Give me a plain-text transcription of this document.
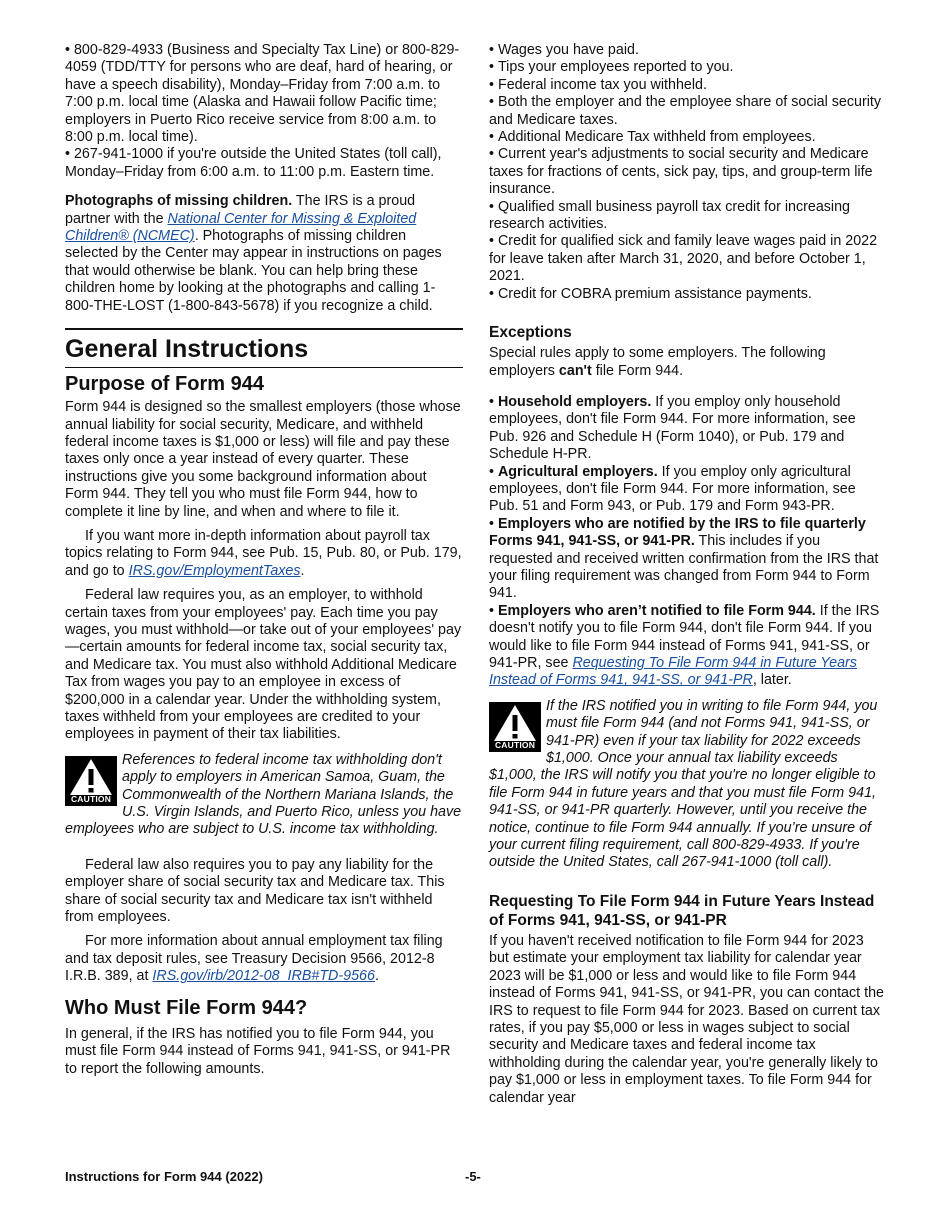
• 800-829-4933 (Business and Specialty Tax Line) or 800-829-4059 (TDD/TTY for persons who are deaf, hard of hearing, or have a speech disability), Monday–Friday from 7:00 a.m. to 7:00 p.m. local time (Alaska and Hawaii follow Pacific time; employers in Puerto Rico receive service from 8:00 a.m. to 8:00 p.m. local time).

• 267-941-1000 if you're outside the United States (toll call), Monday–Friday from 6:00 a.m. to 11:00 p.m. Eastern time.

Photographs of missing children. The IRS is a proud partner with the National Center for Missing & Exploited Children® (NCMEC). Photographs of missing children selected by the Center may appear in instructions on pages that would otherwise be blank. You can help bring these children home by looking at the photographs and calling 1-800-THE-LOST (1-800-843-5678) if you recognize a child.

General Instructions
Purpose of Form 944

Form 944 is designed so the smallest employers (those whose annual liability for social security, Medicare, and withheld federal income taxes is $1,000 or less) will file and pay these taxes only once a year instead of every quarter. These instructions give you some background information about Form 944. They tell you who must file Form 944, how to complete it line by line, and when and where to file it.

If you want more in-depth information about payroll tax topics relating to Form 944, see Pub. 15, Pub. 80, or Pub. 179, and go to IRS.gov/EmploymentTaxes.

Federal law requires you, as an employer, to withhold certain taxes from your employees' pay. Each time you pay wages, you must withhold—or take out of your employees' pay—certain amounts for federal income tax, social security tax, and Medicare tax. You must also withhold Additional Medicare Tax from wages you pay to an employee in excess of $200,000 in a calendar year. Under the withholding system, taxes withheld from your employees are credited to your employees in payment of their tax liabilities.

CAUTION
References to federal income tax withholding don't apply to employers in American Samoa, Guam, the Commonwealth of the Northern Mariana Islands, the U.S. Virgin Islands, and Puerto Rico, unless you have employees who are subject to U.S. income tax withholding.

Federal law also requires you to pay any liability for the employer share of social security tax and Medicare tax. This share of social security tax and Medicare tax isn't withheld from employees.

For more information about annual employment tax filing and tax deposit rules, see Treasury Decision 9566, 2012-8 I.R.B. 389, at IRS.gov/irb/2012-08_IRB#TD-9566.

Who Must File Form 944?

In general, if the IRS has notified you to file Form 944, you must file Form 944 instead of Forms 941, 941-SS, or 941-PR to report the following amounts.

• Wages you have paid.

• Tips your employees reported to you.

• Federal income tax you withheld.

• Both the employer and the employee share of social security and Medicare taxes.

• Additional Medicare Tax withheld from employees.

• Current year's adjustments to social security and Medicare taxes for fractions of cents, sick pay, tips, and group-term life insurance.

• Qualified small business payroll tax credit for increasing research activities.

• Credit for qualified sick and family leave wages paid in 2022 for leave taken after March 31, 2020, and before October 1, 2021.

• Credit for COBRA premium assistance payments.

Exceptions

Special rules apply to some employers. The following employers can't file Form 944.

• Household employers. If you employ only household employees, don't file Form 944. For more information, see Pub. 926 and Schedule H (Form 1040), or Pub. 179 and Schedule H-PR.

• Agricultural employers. If you employ only agricultural employees, don't file Form 944. For more information, see Pub. 51 and Form 943, or Pub. 179 and Form 943-PR.

• Employers who are notified by the IRS to file quarterly Forms 941, 941-SS, or 941-PR. This includes if you requested and received written confirmation from the IRS that your filing requirement was changed from Form 944 to Form 941.

• Employers who aren’t notified to file Form 944. If the IRS doesn't notify you to file Form 944, don't file Form 944. If you would like to file Form 944 instead of Forms 941, 941-SS, or 941-PR, see Requesting To File Form 944 in Future Years Instead of Forms 941, 941-SS, or 941-PR, later.

CAUTION
If the IRS notified you in writing to file Form 944, you must file Form 944 (and not Forms 941, 941-SS, or 941-PR) even if your tax liability for 2022 exceeds $1,000. Once your annual tax liability exceeds $1,000, the IRS will notify you that you're no longer eligible to file Form 944 in future years and that you must file Form 941, 941-SS, or 941-PR quarterly. However, until you receive the notice, continue to file Form 944 annually. If you’re unsure of your current filing requirement, call 800-829-4933. If you're outside the United States, call 267-941-1000 (toll call).
Requesting To File Form 944 in Future Years Instead of Forms 941, 941-SS, or 941-PR

If you haven't received notification to file Form 944 for 2023 but estimate your employment tax liability for calendar year 2023 will be $1,000 or less and would like to file Form 944 instead of Forms 941, 941-SS, or 941-PR, you can contact the IRS to request to file Form 944 for 2023. Based on current tax rates, if you pay $5,000 or less in wages subject to social security and Medicare taxes and federal income tax withholding during the calendar year, you're generally likely to pay $1,000 or less in employment taxes. To file Form 944 for calendar year

Instructions for Form 944 (2022)	-5-
